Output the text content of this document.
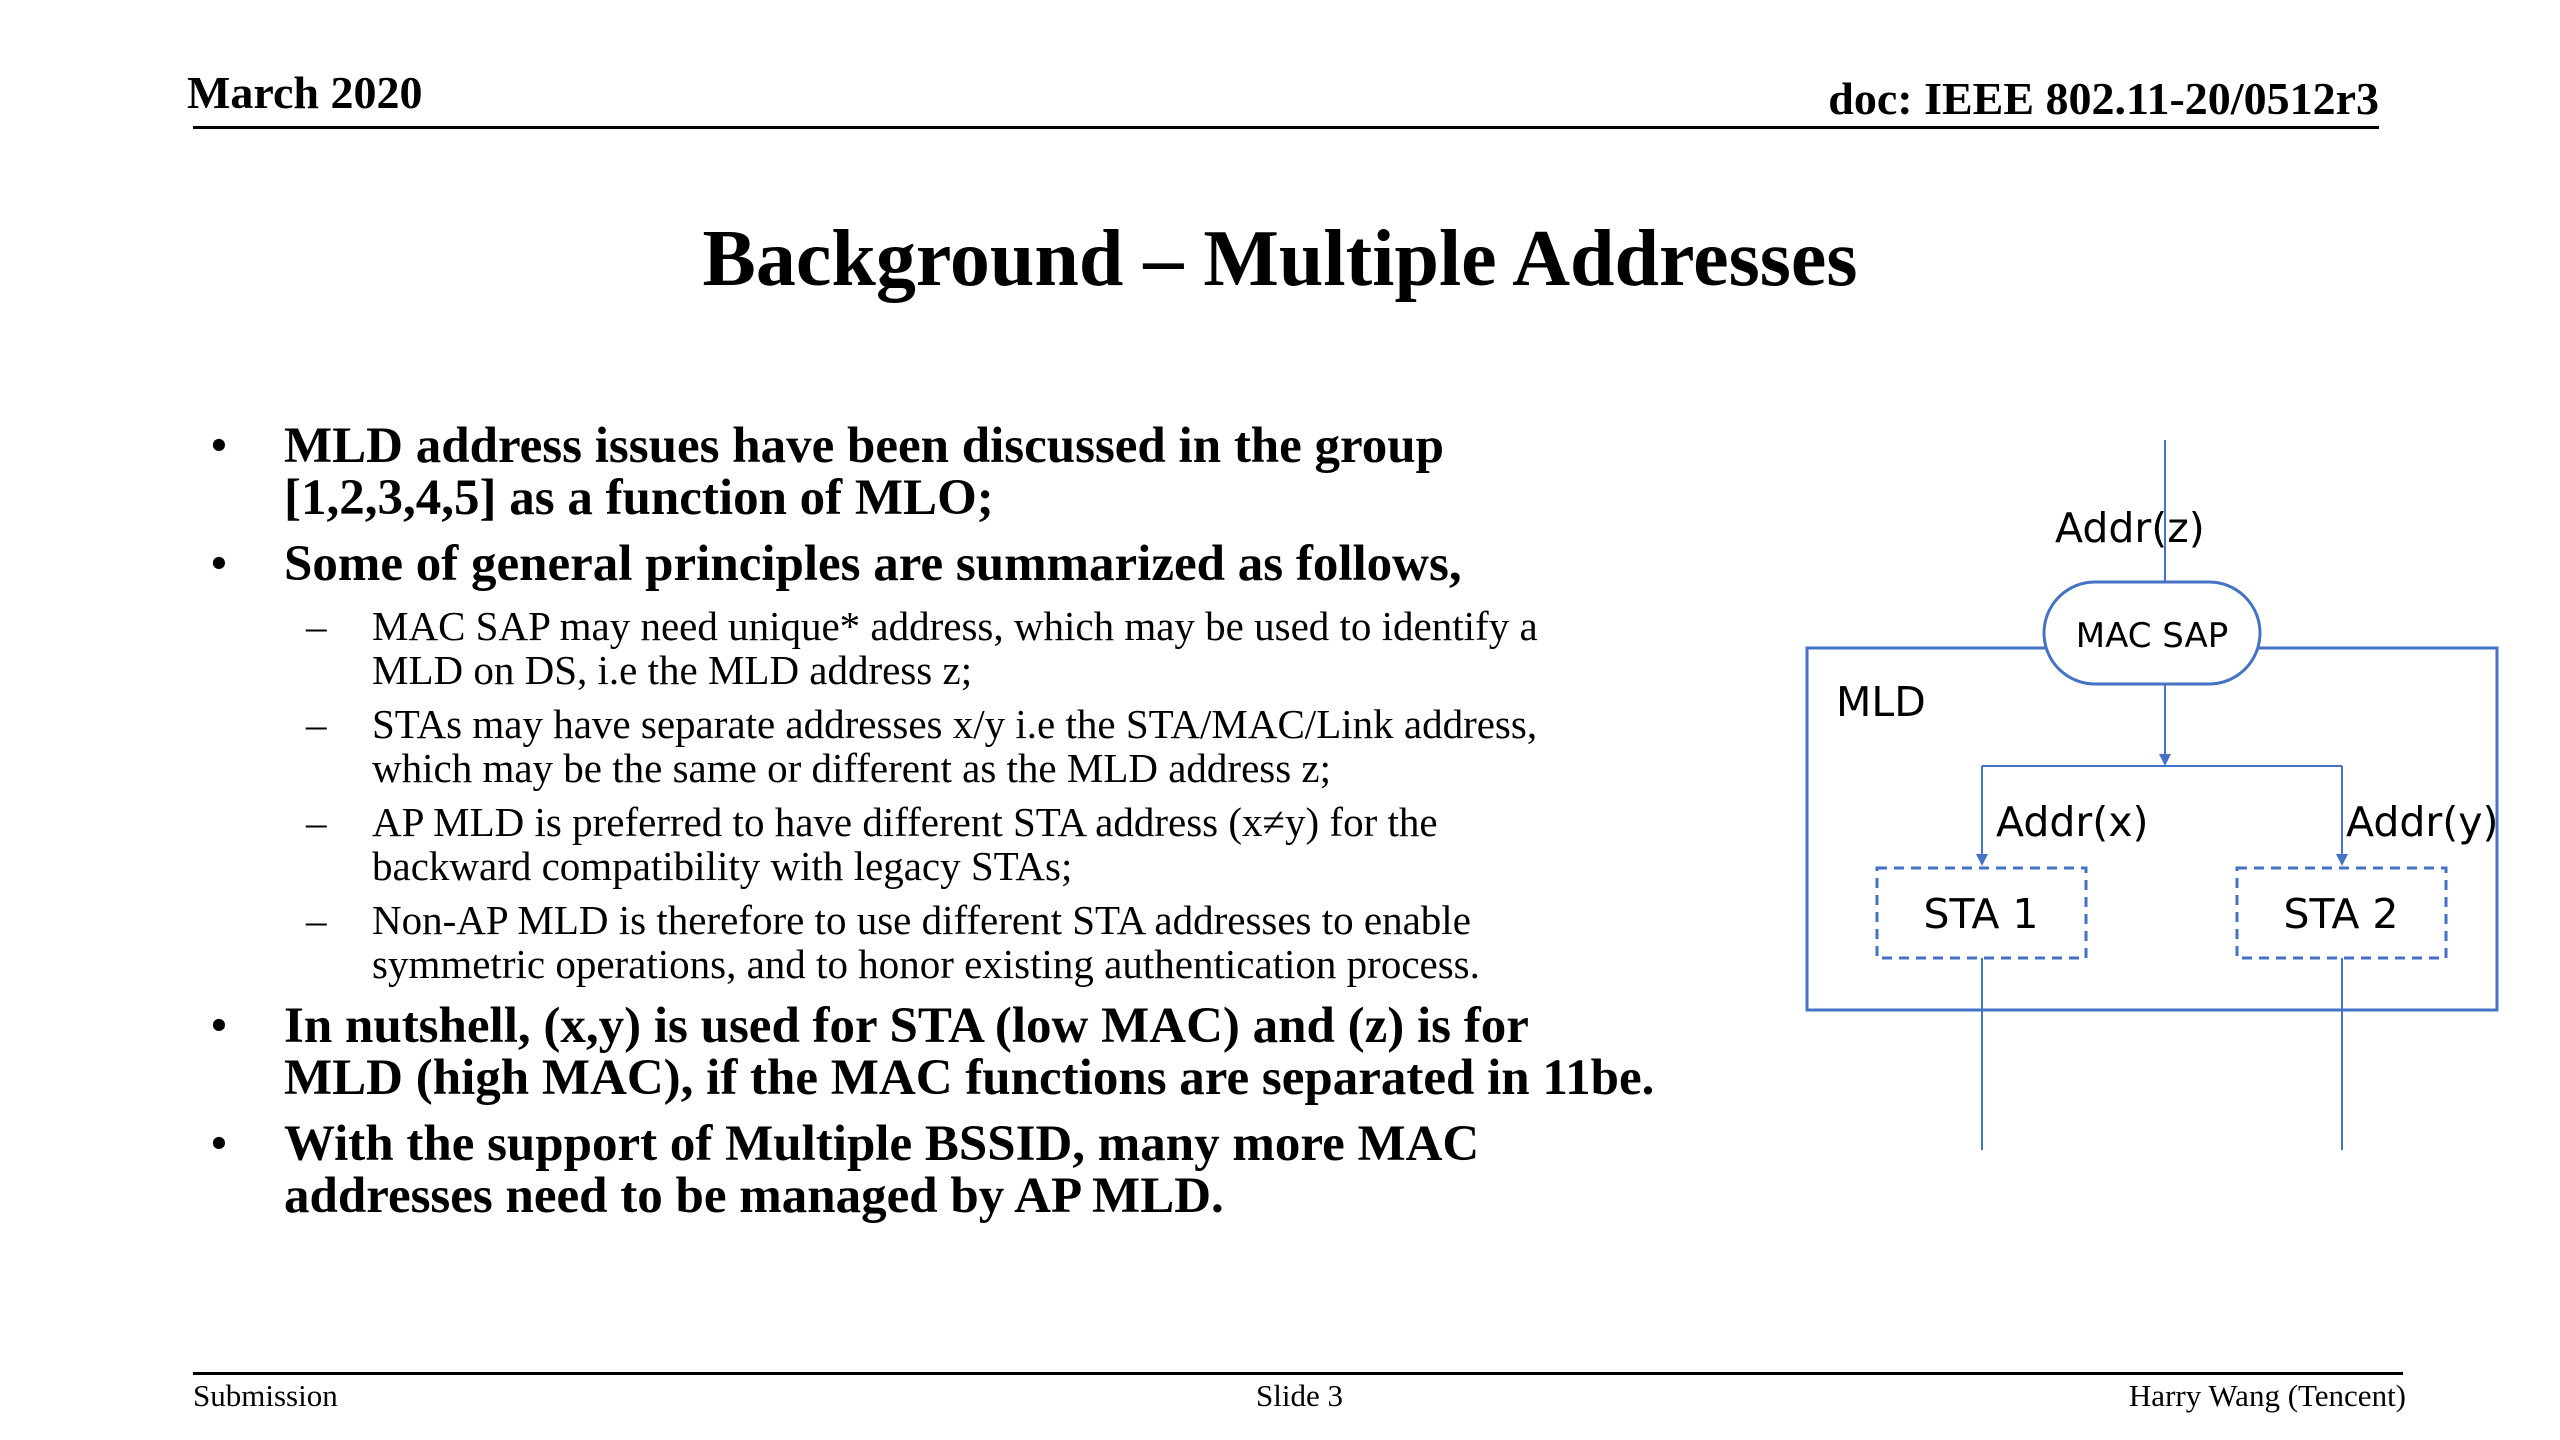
March 2020	doc: IEEE 802.11-20/0512r3
Background – Multiple Addresses
• MLD address issues have been discussed in the group
[1,2,3,4,5] as a function of MLO;
• Some of general principles are summarized as follows,
– MAC SAP may need unique* address, which may be used to identify a
MLD on DS, i.e the MLD address z;
– STAs may have separate addresses x/y i.e the STA/MAC/Link address,
which may be the same or different as the MLD address z;
– AP MLD is preferred to have different STA address (x≠y) for the
backward compatibility with legacy STAs;
– Non-AP MLD is therefore to use different STA addresses to enable
symmetric operations, and to honor existing authentication process.
• In nutshell, (x,y) is used for STA (low MAC) and (z) is for
MLD (high MAC), if the MAC functions are separated in 11be.
• With the support of Multiple BSSID, many more MAC
addresses need to be managed by AP MLD.
Addr(z)
MLD
MAC SAP
Addr(x)	Addr(y)
STA 1	STA 2
Submission	Slide 3	Harry Wang (Tencent)
